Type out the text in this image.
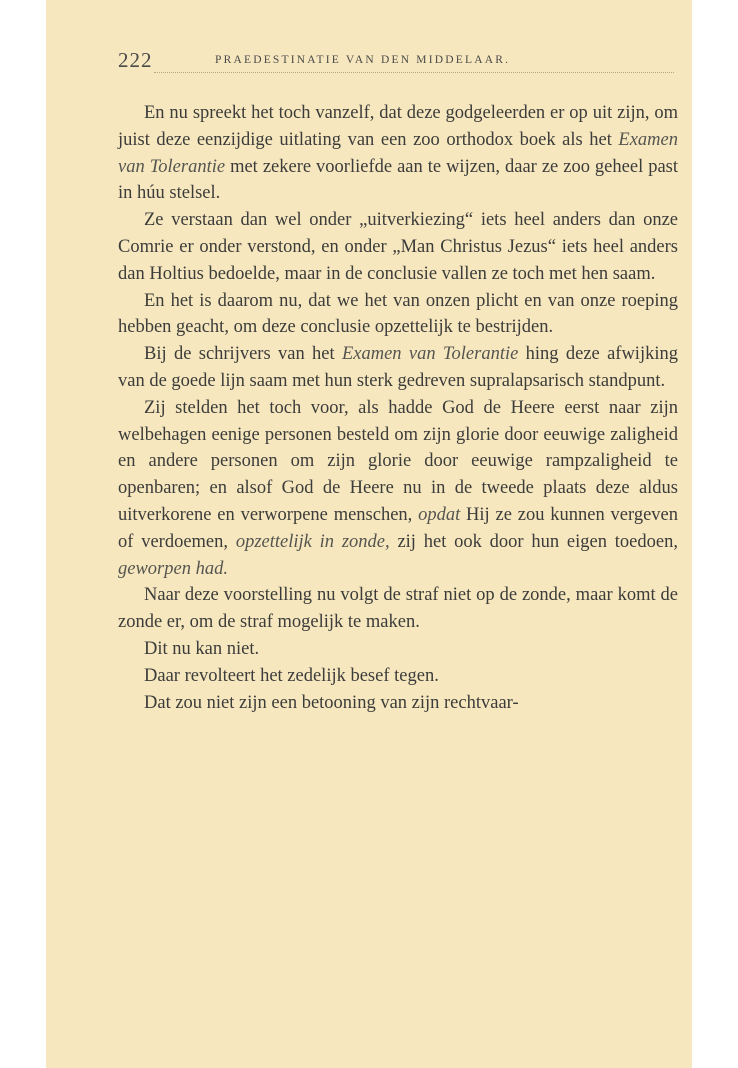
222	PRAEDESTINATIE VAN DEN MIDDELAAR.

En nu spreekt het toch vanzelf, dat deze godgeleerden er op uit zijn, om juist deze eenzijdige uitlating van een zoo orthodox boek als het Examen van Tolerantie met zekere voorliefde aan te wijzen, daar ze zoo geheel past in húu stelsel.

Ze verstaan dan wel onder „uitverkiezing“ iets heel anders dan onze Comrie er onder verstond, en onder „Man Christus Jezus“ iets heel anders dan Holtius bedoelde, maar in de conclusie vallen ze toch met hen saam.

En het is daarom nu, dat we het van onzen plicht en van onze roeping hebben geacht, om deze conclusie opzettelijk te bestrijden.

Bij de schrijvers van het Examen van Tolerantie hing deze afwijking van de goede lijn saam met hun sterk gedreven supralapsarisch standpunt.

Zij stelden het toch voor, als hadde God de Heere eerst naar zijn welbehagen eenige personen besteld om zijn glorie door eeuwige zaligheid en andere personen om zijn glorie door eeuwige rampzaligheid te openbaren; en alsof God de Heere nu in de tweede plaats deze aldus uitverkorene en verworpene menschen, opdat Hij ze zou kunnen vergeven of verdoemen, opzettelijk in zonde, zij het ook door hun eigen toedoen, geworpen had.

Naar deze voorstelling nu volgt de straf niet op de zonde, maar komt de zonde er, om de straf mogelijk te maken.

Dit nu kan niet.

Daar revolteert het zedelijk besef tegen.

Dat zou niet zijn een betooning van zijn rechtvaar-
